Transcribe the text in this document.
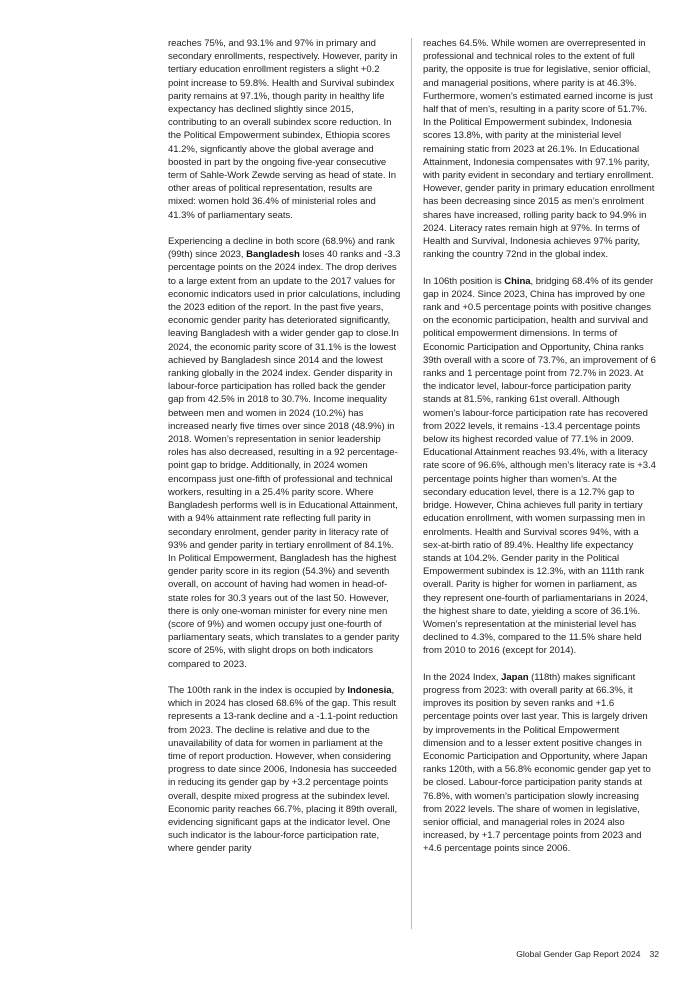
reaches 75%, and 93.1% and 97% in primary and secondary enrollments, respectively. However, parity in tertiary education enrollment registers a slight +0.2 point increase to 59.8%. Health and Survival subindex parity remains at 97.1%, though parity in healthy life expectancy has declined slightly since 2015, contributing to an overall subindex score reduction. In the Political Empowerment subindex, Ethiopia scores 41.2%, signficantly above the global average and boosted in part by the ongoing five-year consecutive term of Sahle-Work Zewde serving as head of state. In other areas of political representation, results are mixed: women hold 36.4% of ministerial roles and 41.3% of parliamentary seats.

Experiencing a decline in both score (68.9%) and rank (99th) since 2023, Bangladesh loses 40 ranks and -3.3 percentage points on the 2024 index. The drop derives to a large extent from an update to the 2017 values for economic indicators used in prior calculations, including the 2023 edition of the report. In the past five years, economic gender parity has deteriorated significantly, leaving Bangladesh with a wider gender gap to close.In 2024, the economic parity score of 31.1% is the lowest achieved by Bangladesh since 2014 and the lowest ranking globally in the 2024 index. Gender disparity in labour-force participation has rolled back the gender gap from 42.5% in 2018 to 30.7%. Income inequality between men and women in 2024 (10.2%) has increased nearly five times over since 2018 (48.9%) in 2018. Women’s representation in senior leadership roles has also decreased, resulting in a 92 percentage-point gap to bridge. Additionally, in 2024 women encompass just one-fifth of professional and technical workers, resulting in a 25.4% parity score. Where Bangladesh performs well is in Educational Attainment, with a 94% attainment rate reflecting full parity in secondary enrolment, gender parity in literacy rate of 93% and gender parity in tertiary enrollment of 84.1%. In Political Empowerment, Bangladesh has the highest gender parity score in its region (54.3%) and seventh overall, on account of having had women in head-of-state roles for 30.3 years out of the last 50. However, there is only one-woman minister for every nine men (score of 9%) and women occupy just one-fourth of parliamentary seats, which translates to a gender parity score of 25%, with slight drops on both indicators compared to 2023.

The 100th rank in the index is occupied by Indonesia, which in 2024 has closed 68.6% of the gap. This result represents a 13-rank decline and a -1.1-point reduction from 2023. The decline is relative and due to the unavailability of data for women in parliament at the time of report production. However, when considering progress to date since 2006, Indonesia has succeeded in reducing its gender gap by +3.2 percentage points overall, despite mixed progress at the subindex level. Economic parity reaches 66.7%, placing it 89th overall, evidencing significant gaps at the indicator level. One such indicator is the labour-force participation rate, where gender parity

reaches 64.5%. While women are overrepresented in professional and technical roles to the extent of full parity, the opposite is true for legislative, senior official, and managerial positions, where parity is at 46.3%. Furthermore, women’s estimated earned income is just half that of men’s, resulting in a parity score of 51.7%. In the Political Empowerment subindex, Indonesia scores 13.8%, with parity at the ministerial level remaining static from 2023 at 26.1%. In Educational Attainment, Indonesia compensates with 97.1% parity, with parity evident in secondary and tertiary enrollment. However, gender parity in primary education enrollment has been decreasing since 2015 as men’s enrolment shares have increased, rolling parity back to 94.9% in 2024. Literacy rates remain high at 97%. In terms of Health and Survival, Indonesia achieves 97% parity, ranking the country 72nd in the global index.

In 106th position is China, bridging 68.4% of its gender gap in 2024. Since 2023, China has improved by one rank and +0.5 percentage points with positive changes on the economic participation, health and survival and political empowerment dimensions. In terms of Economic Participation and Opportunity, China ranks 39th overall with a score of 73.7%, an improvement of 6 ranks and 1 percentage point from 72.7% in 2023. At the indicator level, labour-force participation parity stands at 81.5%, ranking 61st overall. Although women’s labour-force participation rate has recovered from 2022 levels, it remains -13.4 percentage points below its highest recorded value of 77.1% in 2009. Educational Attainment reaches 93.4%, with a literacy rate score of 96.6%, although men’s literacy rate is +3.4 percentage points higher than women’s. At the secondary education level, there is a 12.7% gap to bridge. However, China achieves full parity in tertiary education enrollment, with women surpassing men in enrolments. Health and Survival scores 94%, with a sex-at-birth ratio of 89.4%. Healthy life expectancy stands at 104.2%. Gender parity in the Political Empowerment subindex is 12.3%, with an 111th rank overall. Parity is higher for women in parliament, as they represent one-fourth of parliamentarians in 2024, the highest share to date, yielding a score of 36.1%. Women’s representation at the ministerial level has declined to 4.3%, compared to the 11.5% share held from 2010 to 2016 (except for 2014).

In the 2024 Index, Japan (118th) makes significant progress from 2023: with overall parity at 66.3%, it improves its position by seven ranks and +1.6 percentage points over last year. This is largely driven by improvements in the Political Empowerment dimension and to a lesser extent positive changes in Economic Participation and Opportunity, where Japan ranks 120th, with a 56.8% economic gender gap yet to be closed. Labour-force participation parity stands at 76.8%, with women’s participation slowly increasing from 2022 levels. The share of women in legislative, senior official, and managerial roles in 2024 also increased, by +1.7 percentage points from 2023 and +4.6 percentage points since 2006.

Global Gender Gap Report 2024 32
